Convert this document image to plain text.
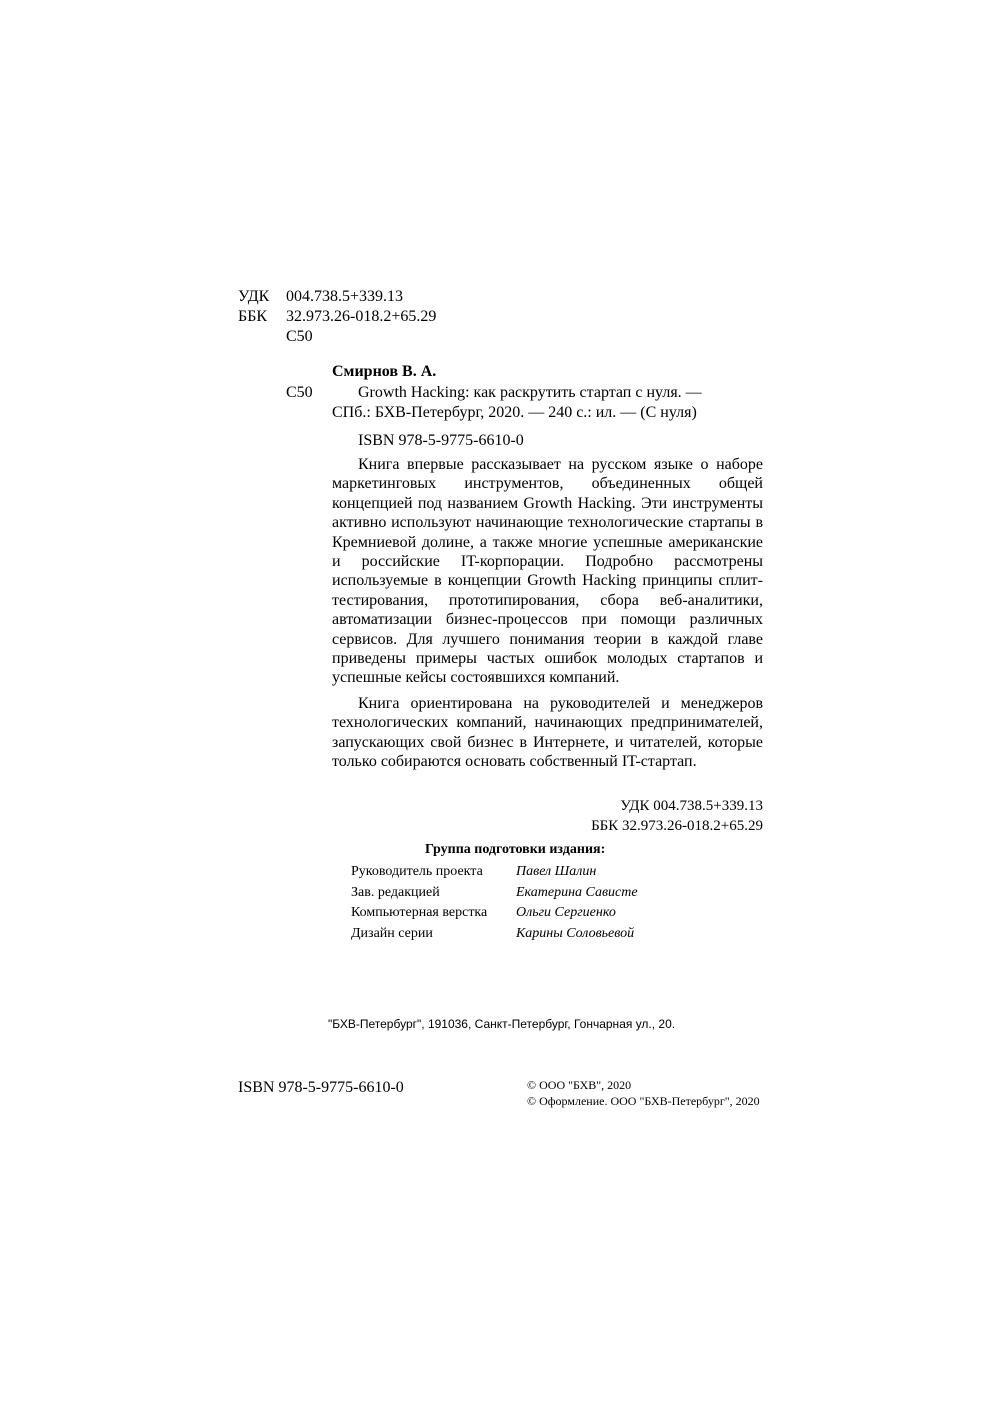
УДК 004.738.5+339.13
ББК 32.973.26-018.2+65.29
С50
Смирнов В. А.
С50	Growth Hacking: как раскрутить стартап с нуля. —
СПб.: БХВ-Петербург, 2020. — 240 с.: ил. — (С нуля)
ISBN 978-5-9775-6610-0

Книга впервые рассказывает на русском языке о наборе маркетинговых инструментов, объединенных общей концепцией под названием Growth Hacking. Эти инструменты активно используют начинающие технологические стартапы в Кремниевой долине, а также многие успешные американские и российские IT-корпорации. Подробно рассмотрены используемые в концепции Growth Hacking принципы сплит-тестирования, прототипирования, сбора веб-аналитики, автоматизации бизнес-процессов при помощи различных сервисов. Для лучшего понимания теории в каждой главе приведены примеры частых ошибок молодых стартапов и успешные кейсы состоявшихся компаний.

Книга ориентирована на руководителей и менеджеров технологических компаний, начинающих предпринимателей, запускающих свой бизнес в Интернете, и читателей, которые только собираются основать собственный IT-стартап.

УДК 004.738.5+339.13
ББК 32.973.26-018.2+65.29
Группа подготовки издания:
Руководитель проекта Павел Шалин
Зав. редакцией	Екатерина Сависте
Компьютерная верстка Ольги Сергиенко
Дизайн серии	Карины Соловьевой
"БХВ-Петербург", 191036, Санкт-Петербург, Гончарная ул., 20.
ISBN 978-5-9775-6610-0	© ООО "БХВ", 2020
© Оформление. ООО "БХВ-Петербург", 2020
